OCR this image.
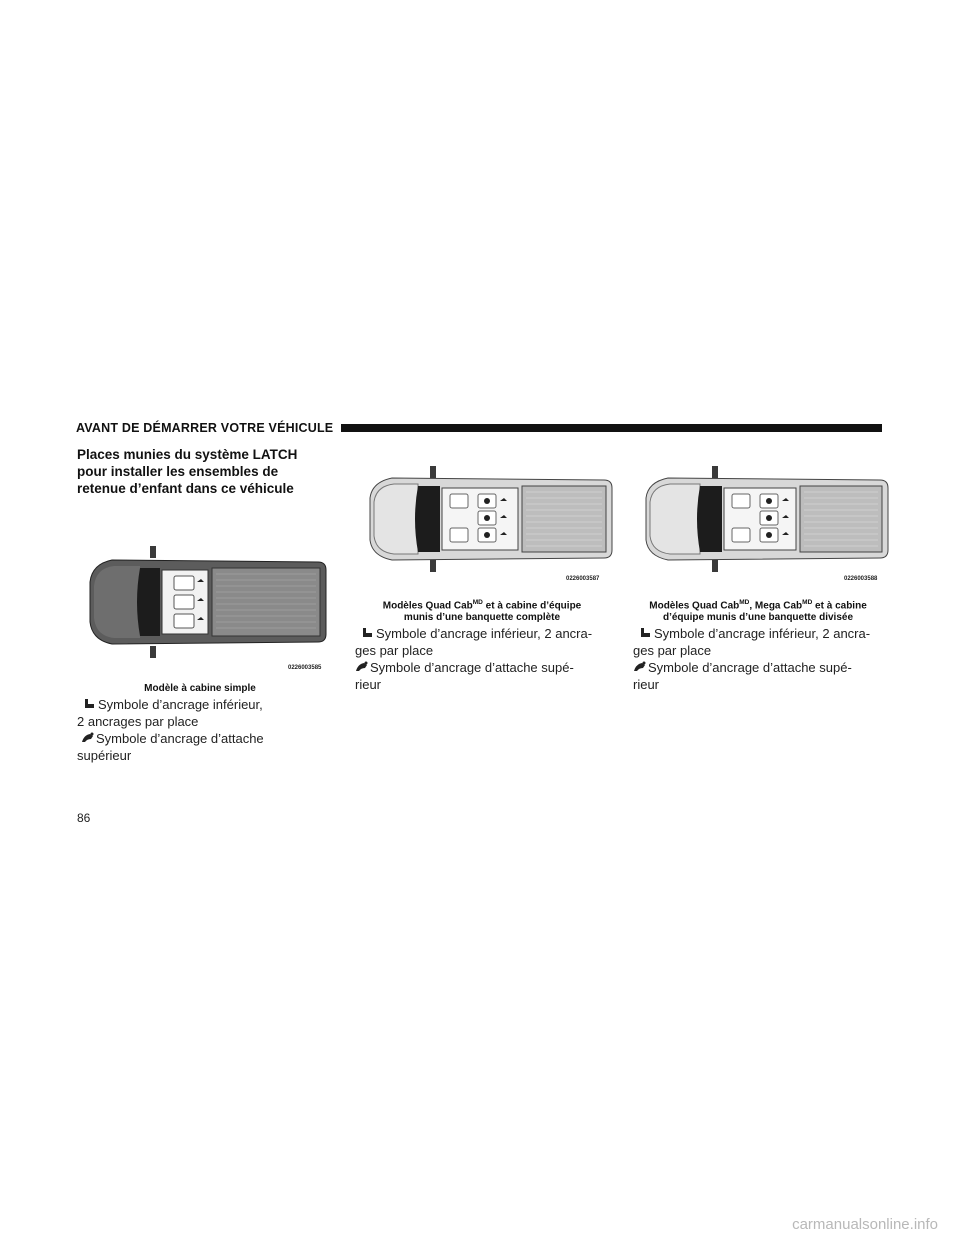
AVANT DE DÉMARRER VOTRE VÉHICULE
Places munies du système LATCH
pour installer les ensembles de
retenue d’enfant dans ce véhicule
0226003585
Modèle à cabine simple
Symbole d’ancrage inférieur,
2 ancrages par place
Symbole d’ancrage d’attache
supérieur
0226003587
Modèles Quad Cab$^{MD}$ et à cabine d’équipe
munis d’une banquette complète
Symbole d’ancrage inférieur, 2 ancra-
ges par place
Symbole d’ancrage d’attache supé-
rieur
0226003588
Modèles Quad Cab$^{MD}$, Mega Cab$^{MD}$ et à cabine
d’équipe munis d’une banquette divisée
Symbole d’ancrage inférieur, 2 ancra-
ges par place
Symbole d’ancrage d’attache supé-
rieur
86
carmanualsonline.info
